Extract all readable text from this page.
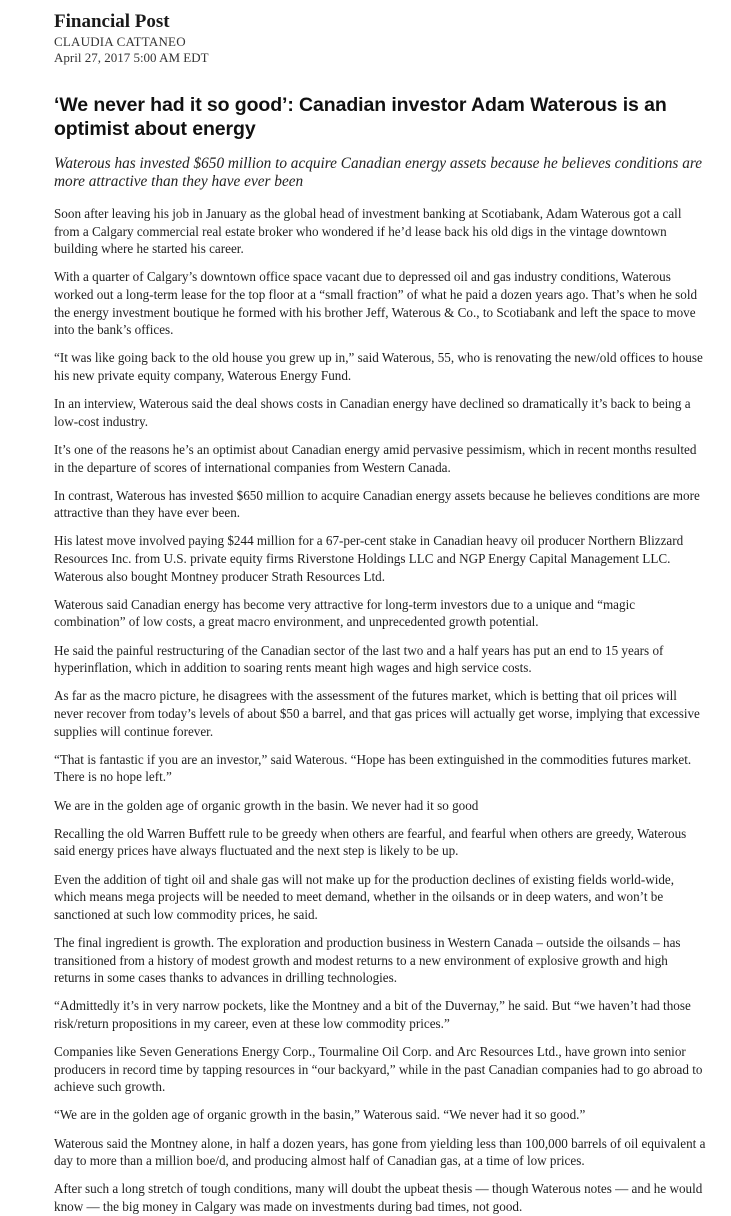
Financial Post
CLAUDIA CATTANEO
April 27, 2017 5:00 AM EDT
‘We never had it so good’: Canadian investor Adam Waterous is an optimist about energy

Waterous has invested $650 million to acquire Canadian energy assets because he believes conditions are more attractive than they have ever been

Soon after leaving his job in January as the global head of investment banking at Scotiabank, Adam Waterous got a call from a Calgary commercial real estate broker who wondered if he’d lease back his old digs in the vintage downtown building where he started his career.

With a quarter of Calgary’s downtown office space vacant due to depressed oil and gas industry conditions, Waterous worked out a long-term lease for the top floor at a “small fraction” of what he paid a dozen years ago. That’s when he sold the energy investment boutique he formed with his brother Jeff, Waterous & Co., to Scotiabank and left the space to move into the bank’s offices.

“It was like going back to the old house you grew up in,” said Waterous, 55, who is renovating the new/old offices to house his new private equity company, Waterous Energy Fund.

In an interview, Waterous said the deal shows costs in Canadian energy have declined so dramatically it’s back to being a low-cost industry.

It’s one of the reasons he’s an optimist about Canadian energy amid pervasive pessimism, which in recent months resulted in the departure of scores of international companies from Western Canada.

In contrast, Waterous has invested $650 million to acquire Canadian energy assets because he believes conditions are more attractive than they have ever been.

His latest move involved paying $244 million for a 67-per-cent stake in Canadian heavy oil producer Northern Blizzard Resources Inc. from U.S. private equity firms Riverstone Holdings LLC and NGP Energy Capital Management LLC. Waterous also bought Montney producer Strath Resources Ltd.

Waterous said Canadian energy has become very attractive for long-term investors due to a unique and “magic combination” of low costs, a great macro environment, and unprecedented growth potential.

He said the painful restructuring of the Canadian sector of the last two and a half years has put an end to 15 years of hyperinflation, which in addition to soaring rents meant high wages and high service costs.

As far as the macro picture, he disagrees with the assessment of the futures market, which is betting that oil prices will never recover from today’s levels of about $50 a barrel, and that gas prices will actually get worse, implying that excessive supplies will continue forever.

“That is fantastic if you are an investor,” said Waterous. “Hope has been extinguished in the commodities futures market. There is no hope left.”

We are in the golden age of organic growth in the basin. We never had it so good

Recalling the old Warren Buffett rule to be greedy when others are fearful, and fearful when others are greedy, Waterous said energy prices have always fluctuated and the next step is likely to be up.

Even the addition of tight oil and shale gas will not make up for the production declines of existing fields world-wide, which means mega projects will be needed to meet demand, whether in the oilsands or in deep waters, and won’t be sanctioned at such low commodity prices, he said.

The final ingredient is growth. The exploration and production business in Western Canada – outside the oilsands – has transitioned from a history of modest growth and modest returns to a new environment of explosive growth and high returns in some cases thanks to advances in drilling technologies.

“Admittedly it’s in very narrow pockets, like the Montney and a bit of the Duvernay,” he said. But “we haven’t had those risk/return propositions in my career, even at these low commodity prices.”

Companies like Seven Generations Energy Corp., Tourmaline Oil Corp. and Arc Resources Ltd., have grown into senior producers in record time by tapping resources in “our backyard,” while in the past Canadian companies had to go abroad to achieve such growth.

“We are in the golden age of organic growth in the basin,” Waterous said. “We never had it so good.”

Waterous said the Montney alone, in half a dozen years, has gone from yielding less than 100,000 barrels of oil equivalent a day to more than a million boe/d, and producing almost half of Canadian gas, at a time of low prices.

After such a long stretch of tough conditions, many will doubt the upbeat thesis — though Waterous notes — and he would know — the big money in Calgary was made on investments during bad times, not good.
